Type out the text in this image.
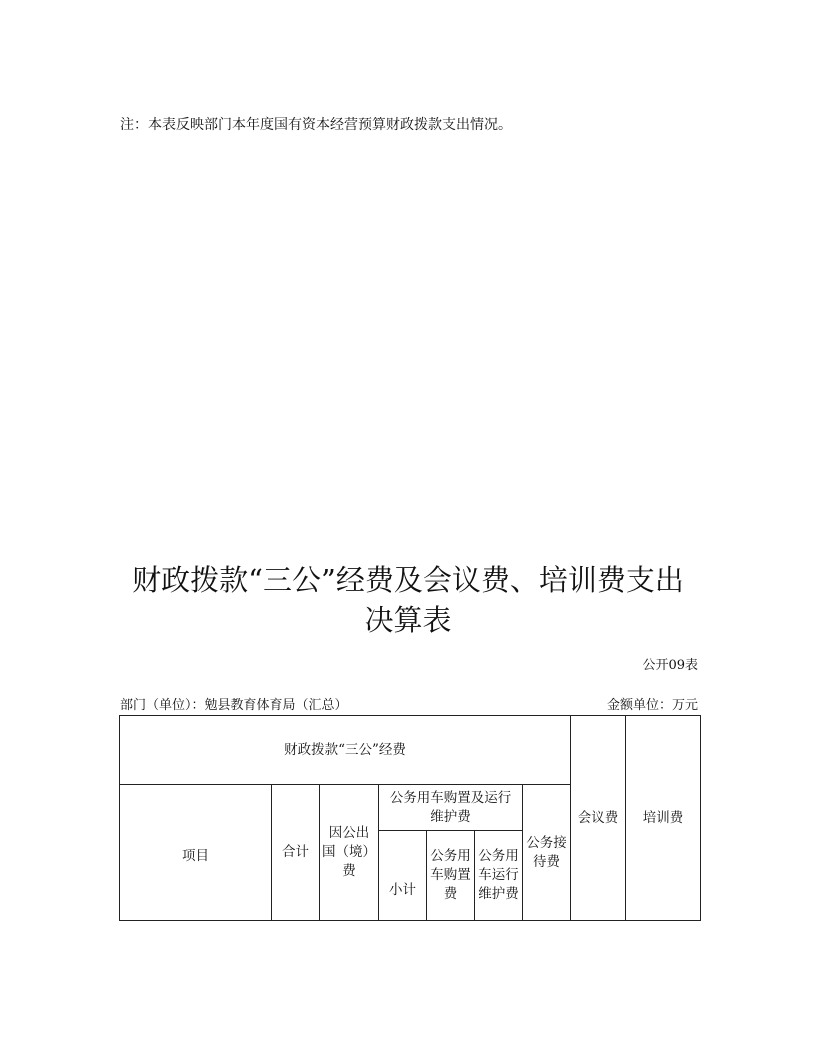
注：本表反映部门本年度国有资本经营预算财政拨款支出情况。
财政拨款“三公”经费及会议费、培训费支出
决算表
公开09表
部门（单位）：勉县教育体育局（汇总）	金额单位：万元
财政拨款“三公”经费
会议费 培训费
项目	合计
因公出
国（境）
费
公务用车购置及运行
维护费
公务接
待费
小计
公务用
车购置
费
公务用
车运行
维护费
